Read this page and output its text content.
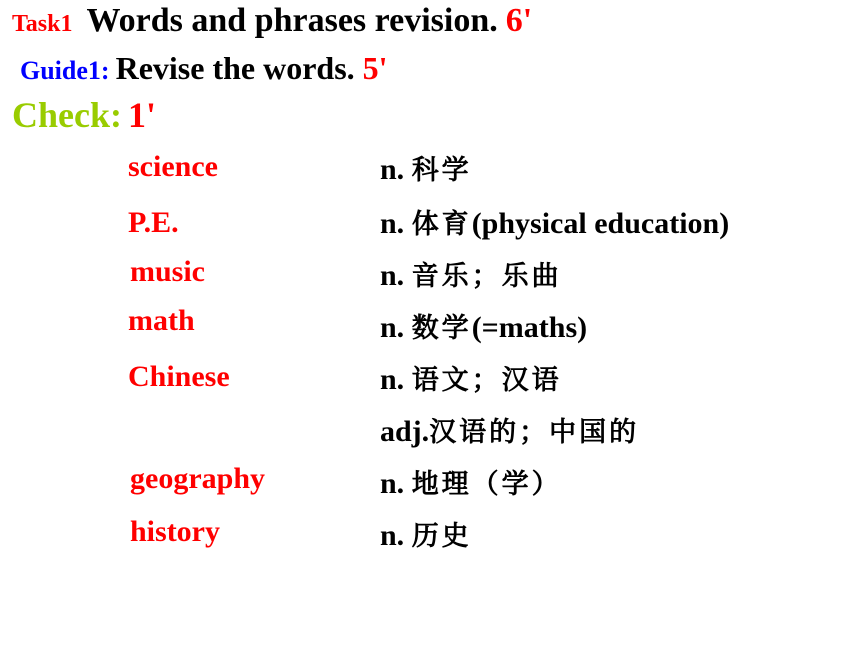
Task1 Words and phrases revision. 6'
Guide1: Revise the words. 5'
Check: 1'
science	n. 科学
P.E.	n. 体育(physical education)
music	n. 音乐；乐曲
math	n. 数学(=maths)
Chinese	n. 语文；汉语
adj.汉语的；中国的
geography	n. 地理（学）
history	n. 历史
